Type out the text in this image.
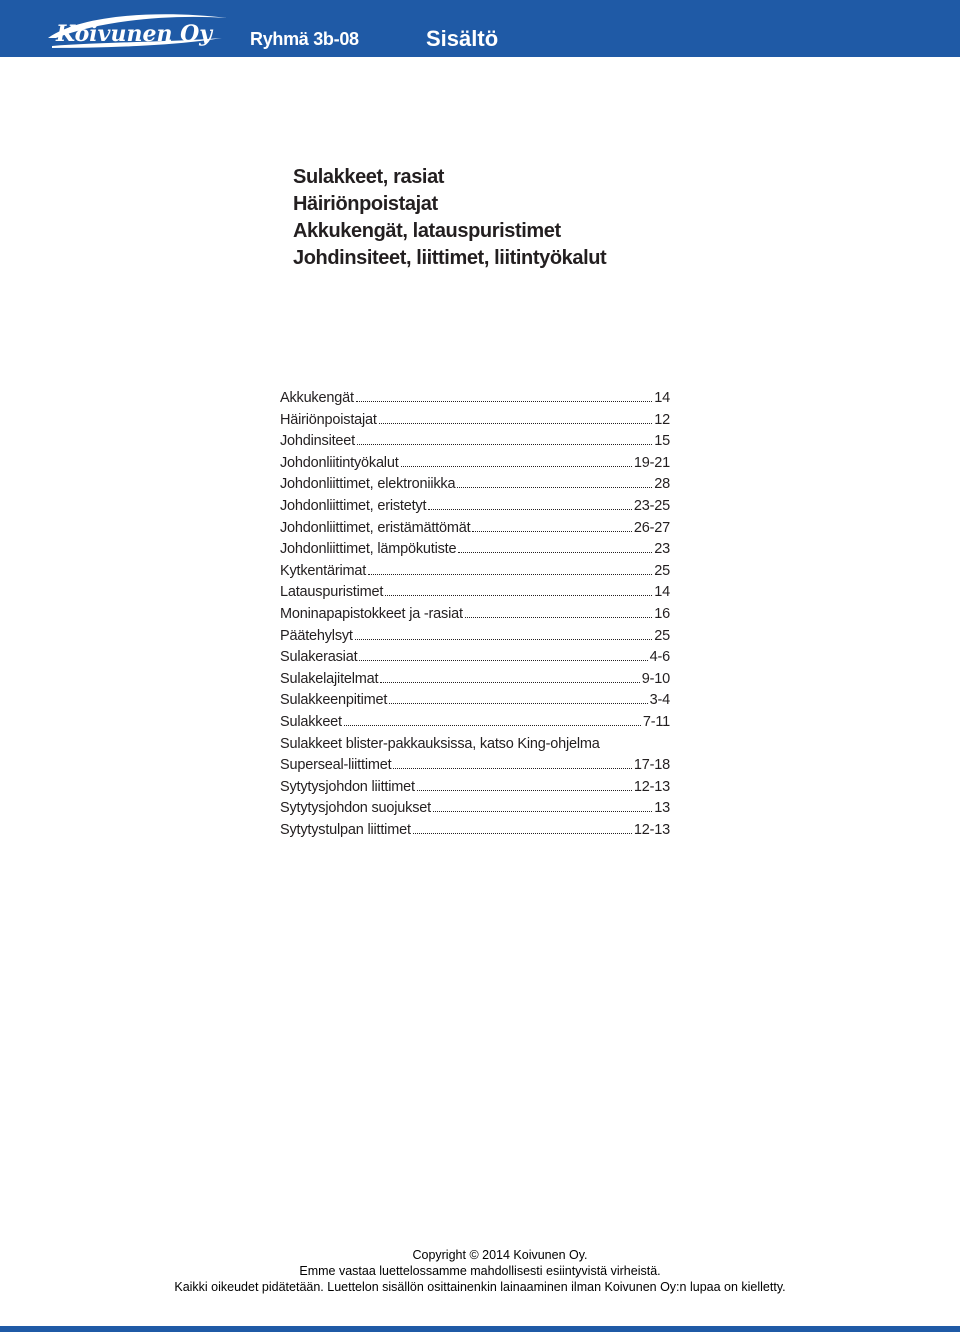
Koivunen Oy Ryhmä 3b-08	Sisältö
Sulakkeet, rasiat
Häiriönpoistajat
Akkukengät, latauspuristimet
Johdinsiteet, liittimet, liitintyökalut
Akkukengät	14
Häiriönpoistajat	12
Johdinsiteet	15
Johdonliitintyökalut	19-21
Johdonliittimet, elektroniikka	28
Johdonliittimet, eristetyt	23-25
Johdonliittimet, eristämättömät	26-27
Johdonliittimet, lämpökutiste	23
Kytkentärimat	25
Latauspuristimet	14
Moninapapistokkeet ja -rasiat	16
Päätehylsyt	25
Sulakerasiat	4-6
Sulakelajitelmat	9-10
Sulakkeenpitimet	3-4
Sulakkeet	7-11
Sulakkeet blister-pakkauksissa, katso King-ohjelma
Superseal-liittimet	17-18
Sytytysjohdon liittimet	12-13
Sytytysjohdon suojukset	13
Sytytystulpan liittimet	12-13
Copyright © 2014 Koivunen Oy.
Emme vastaa luettelossamme mahdollisesti esiintyvistä virheistä.
Kaikki oikeudet pidätetään. Luettelon sisällön osittainenkin lainaaminen ilman Koivunen Oy:n lupaa on kielletty.
